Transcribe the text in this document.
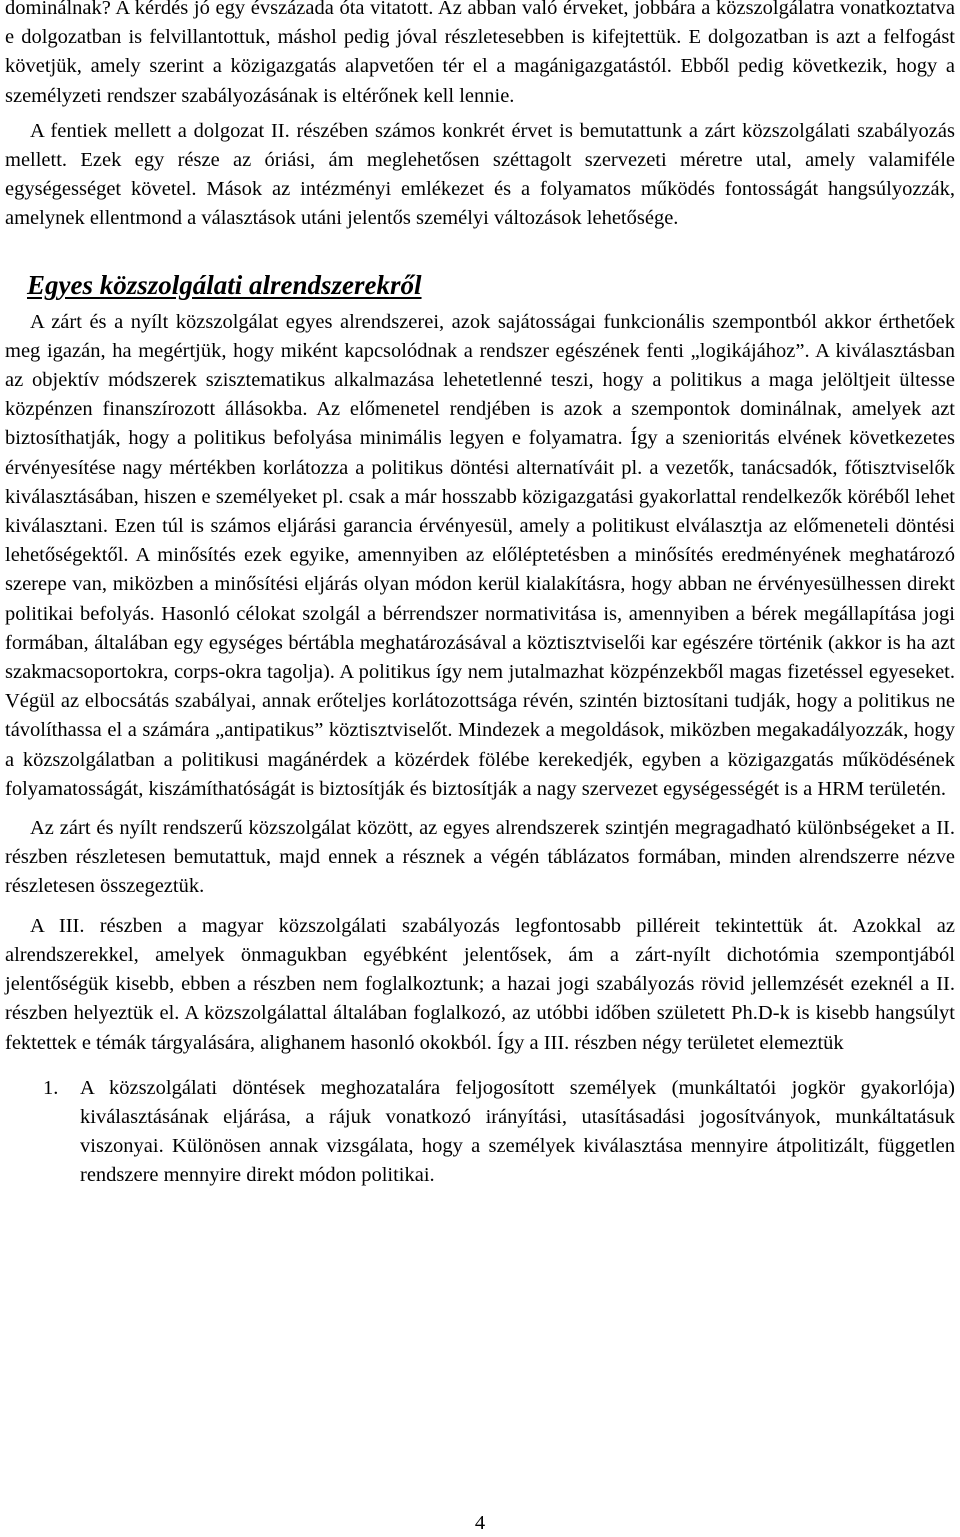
dominálnak? A kérdés jó egy évszázada óta vitatott. Az abban való érveket, jobbára a közszolgálatra vonatkoztatva e dolgozatban is felvillantottuk, máshol pedig jóval részletesebben is kifejtettük. E dolgozatban is azt a felfogást követjük, amely szerint a közigazgatás alapvetően tér el a magánigazgatástól. Ebből pedig következik, hogy a személyzeti rendszer szabályozásának is eltérőnek kell lennie.

A fentiek mellett a dolgozat II. részében számos konkrét érvet is bemutattunk a zárt közszolgálati szabályozás mellett. Ezek egy része az óriási, ám meglehetősen széttagolt szervezeti méretre utal, amely valamiféle egységességet követel. Mások az intézményi emlékezet és a folyamatos működés fontosságát hangsúlyozzák, amelynek ellentmond a választások utáni jelentős személyi változások lehetősége.

Egyes közszolgálati alrendszerekről

A zárt és a nyílt közszolgálat egyes alrendszerei, azok sajátosságai funkcionális szempontból akkor érthetőek meg igazán, ha megértjük, hogy miként kapcsolódnak a rendszer egészének fenti „logikájához”. A kiválasztásban az objektív módszerek szisztematikus alkalmazása lehetetlenné teszi, hogy a politikus a maga jelöltjeit ültesse közpénzen finanszírozott állásokba. Az előmenetel rendjében is azok a szempontok dominálnak, amelyek azt biztosíthatják, hogy a politikus befolyása minimális legyen e folyamatra. Így a szenioritás elvének következetes érvényesítése nagy mértékben korlátozza a politikus döntési alternatíváit pl. a vezetők, tanácsadók, főtisztviselők kiválasztásában, hiszen e személyeket pl. csak a már hosszabb közigazgatási gyakorlattal rendelkezők köréből lehet kiválasztani. Ezen túl is számos eljárási garancia érvényesül, amely a politikust elválasztja az előmeneteli döntési lehetőségektől. A minősítés ezek egyike, amennyiben az előléptetésben a minősítés eredményének meghatározó szerepe van, miközben a minősítési eljárás olyan módon kerül kialakításra, hogy abban ne érvényesülhessen direkt politikai befolyás. Hasonló célokat szolgál a bérrendszer normativitása is, amennyiben a bérek megállapítása jogi formában, általában egy egységes bértábla meghatározásával a köztisztviselői kar egészére történik (akkor is ha azt szakmacsoportokra, corps-okra tagolja). A politikus így nem jutalmazhat közpénzekből magas fizetéssel egyeseket. Végül az elbocsátás szabályai, annak erőteljes korlátozottsága révén, szintén biztosítani tudják, hogy a politikus ne távolíthassa el a számára „antipatikus” köztisztviselőt. Mindezek a megoldások, miközben megakadályozzák, hogy a közszolgálatban a politikusi magánérdek a közérdek fölébe kerekedjék, egyben a közigazgatás működésének folyamatosságát, kiszámíthatóságát is biztosítják és biztosítják a nagy szervezet egységességét is a HRM területén.

Az zárt és nyílt rendszerű közszolgálat között, az egyes alrendszerek szintjén megragadható különbségeket a II. részben részletesen bemutattuk, majd ennek a résznek a végén táblázatos formában, minden alrendszerre nézve részletesen összegeztük.

A III. részben a magyar közszolgálati szabályozás legfontosabb pilléreit tekintettük át. Azokkal az alrendszerekkel, amelyek önmagukban egyébként jelentősek, ám a zárt-nyílt dichotómia szempontjából jelentőségük kisebb, ebben a részben nem foglalkoztunk; a hazai jogi szabályozás rövid jellemzését ezeknél a II. részben helyeztük el. A közszolgálattal általában foglalkozó, az utóbbi időben született Ph.D-k is kisebb hangsúlyt fektettek e témák tárgyalására, alighanem hasonló okokból. Így a III. részben négy területet elemeztük

1. A közszolgálati döntések meghozatalára feljogosított személyek (munkáltatói jogkör gyakorlója) kiválasztásának eljárása, a rájuk vonatkozó irányítási, utasításadási jogosítványok, munkáltatásuk viszonyai. Különösen annak vizsgálata, hogy a személyek kiválasztása mennyire átpolitizált, független rendszere mennyire direkt módon politikai.
4
